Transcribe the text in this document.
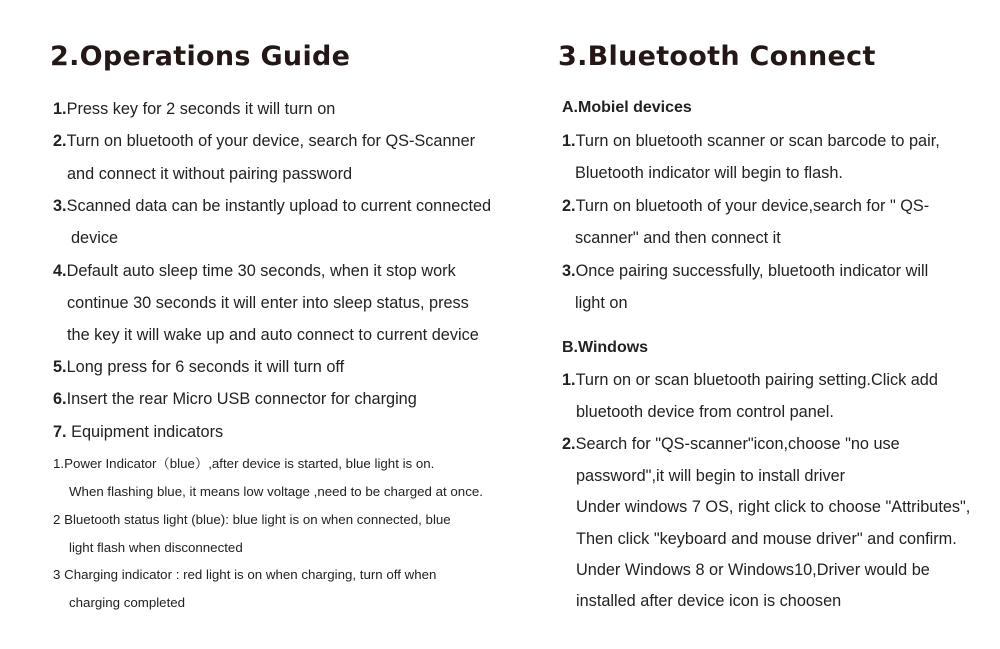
2.Operations Guide
1.Press key for 2 seconds it will turn on
2.Turn on bluetooth of your device, search for QS-Scanner
and connect it without pairing password
3.Scanned data can be instantly upload to current connected
device
4.Default auto sleep time 30 seconds, when it stop work
continue 30 seconds it will enter into sleep status, press
the key it will wake up and auto connect to current device
5.Long press for 6 seconds it will turn off
6.Insert the rear Micro USB connector for charging
7. Equipment indicators
1.Power Indicator（blue）,after device is started, blue light is on.
When flashing blue, it means low voltage ,need to be charged at once.
2 Bluetooth status light (blue): blue light is on when connected, blue
light flash when disconnected
3 Charging indicator : red light is on when charging, turn off when
charging completed
3.Bluetooth Connect
A.Mobiel devices
1.Turn on bluetooth scanner or scan barcode to pair,
Bluetooth indicator will begin to flash.
2.Turn on bluetooth of your device,search for " QS-
scanner" and then connect it
3.Once pairing successfully, bluetooth indicator will
light on
B.Windows
1.Turn on or scan bluetooth pairing setting.Click add
bluetooth device from control panel.
2.Search for "QS-scanner"icon,choose "no use
password",it will begin to install driver
Under windows 7 OS, right click to choose "Attributes",
Then click "keyboard and mouse driver" and confirm.
Under Windows 8 or Windows10,Driver would be
installed after device icon is choosen
